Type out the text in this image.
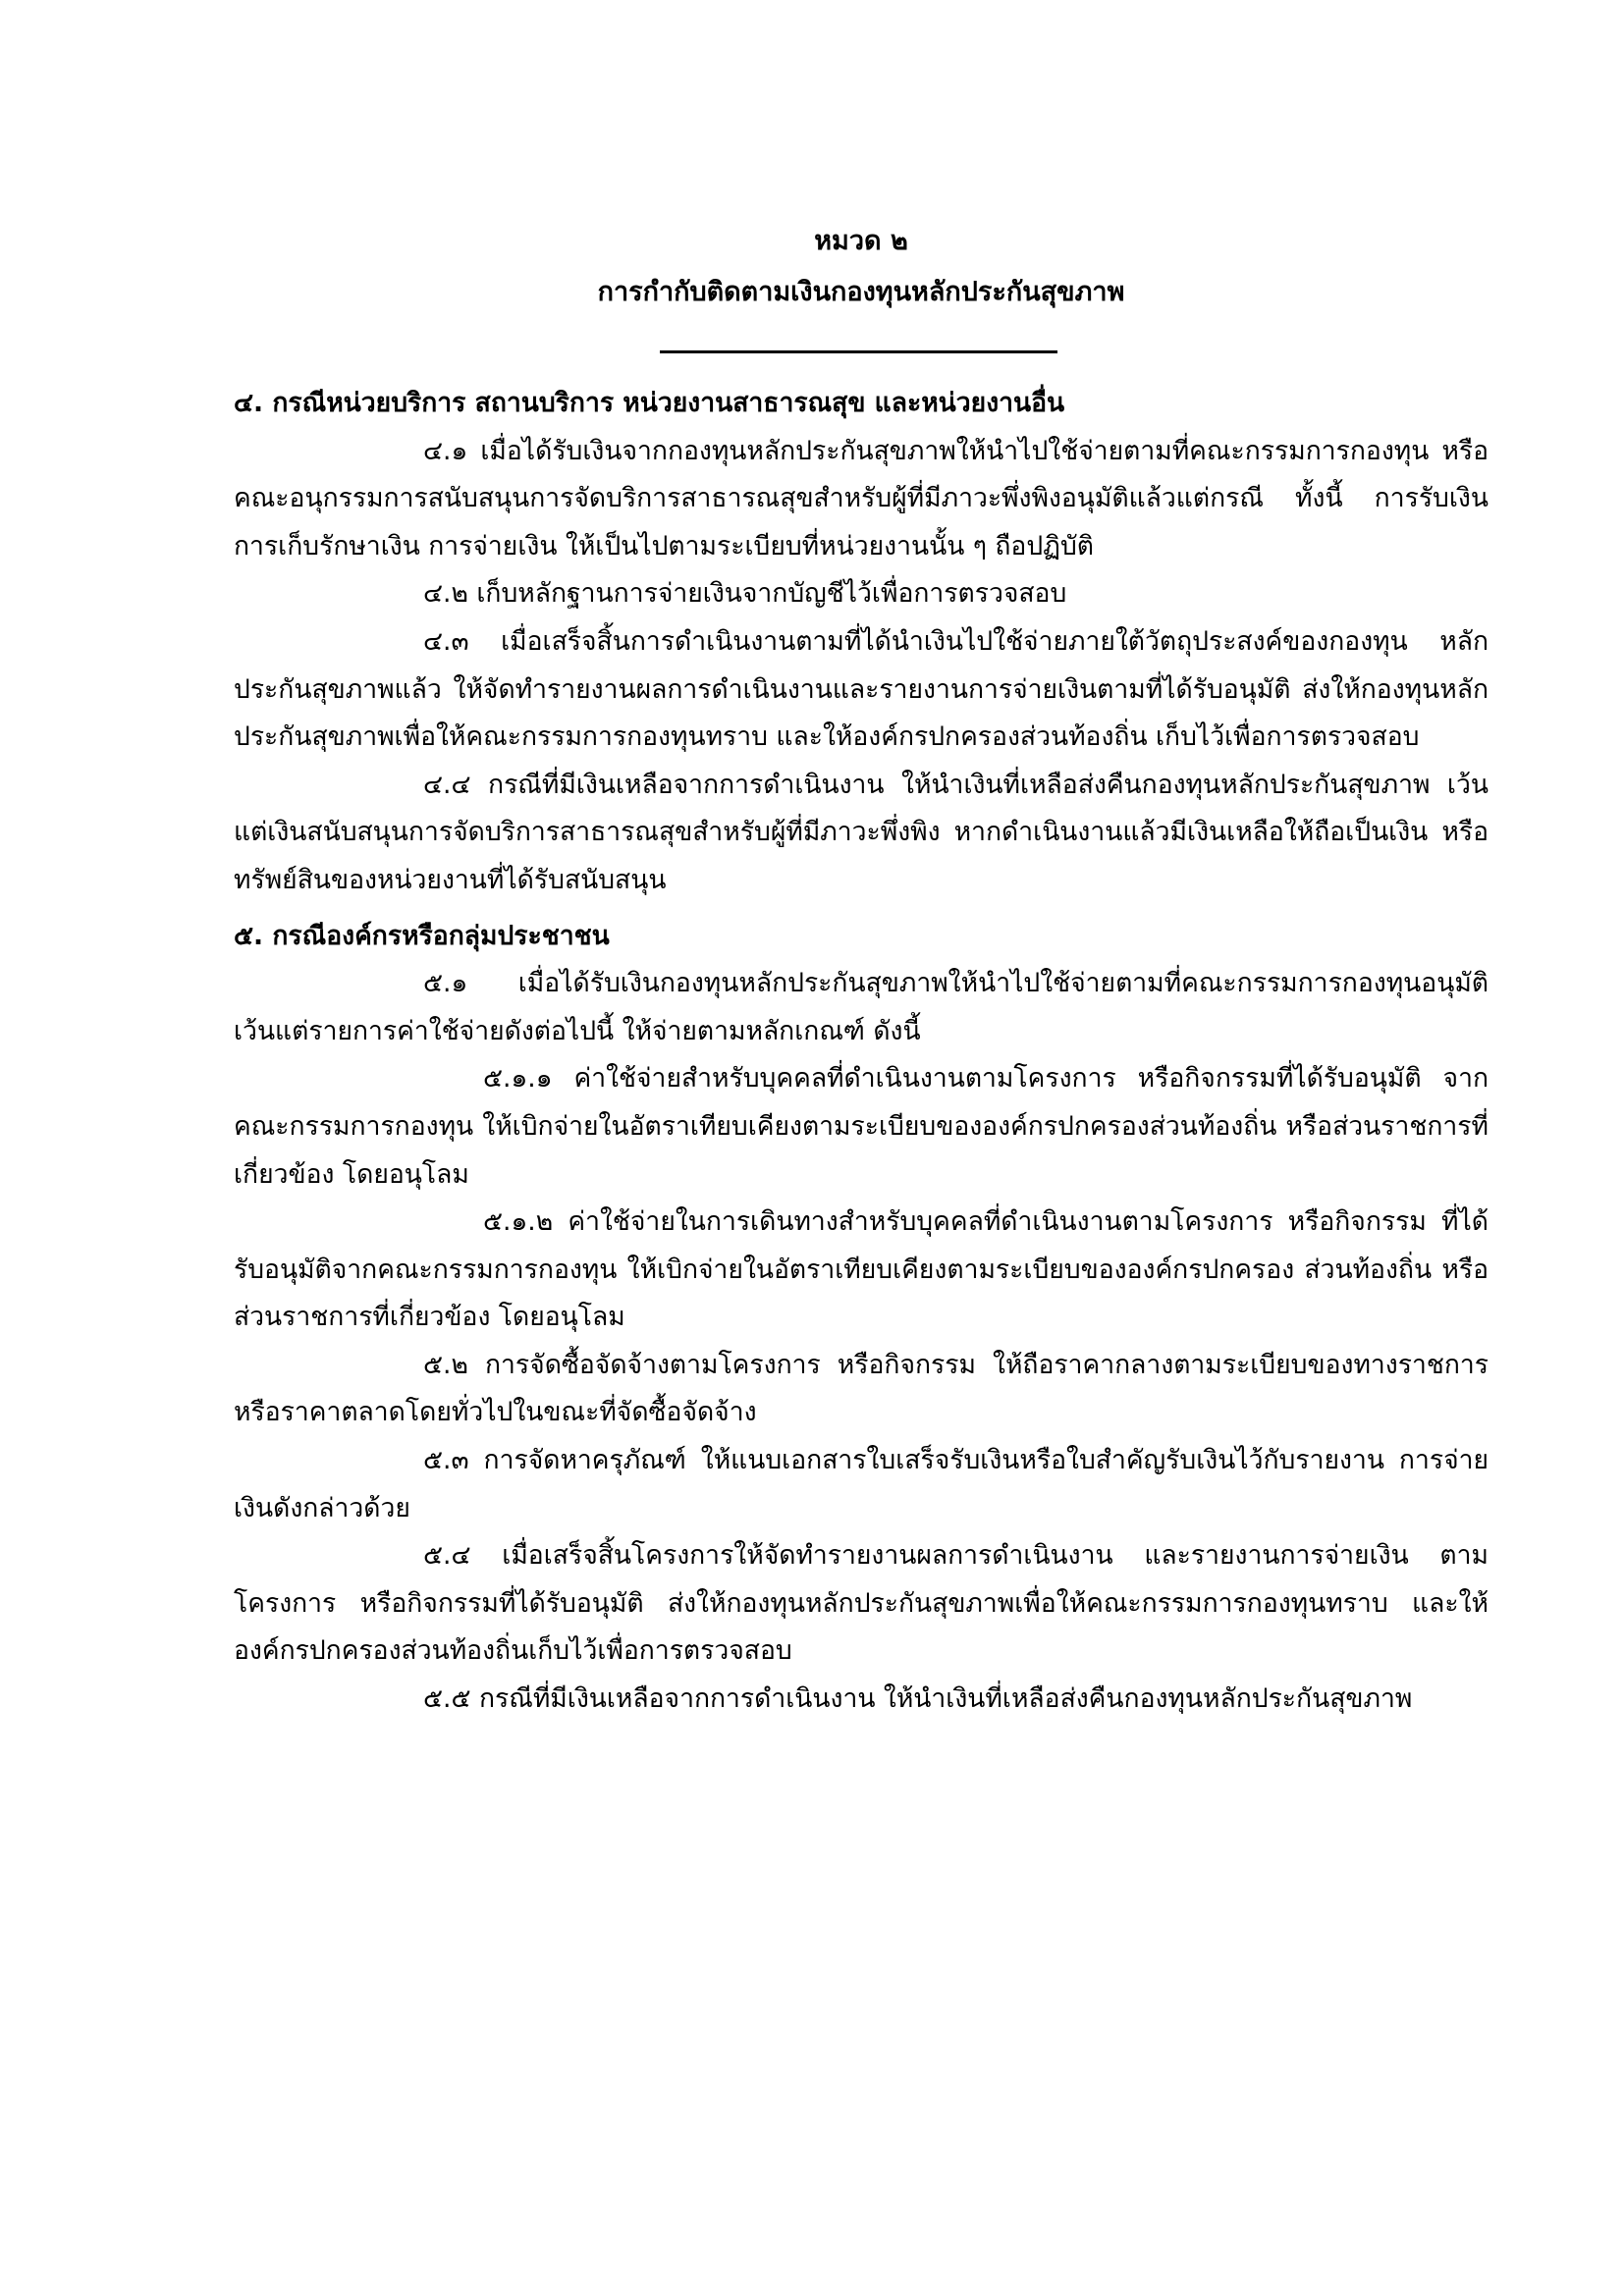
หมวด ๒
การกำกับติดตามเงินกองทุนหลักประกันสุขภาพ

๔. กรณีหน่วยบริการ สถานบริการ หน่วยงานสาธารณสุข และหน่วยงานอื่น

๔.๑ เมื่อได้รับเงินจากกองทุนหลักประกันสุขภาพให้นำไปใช้จ่ายตามที่คณะกรรมการกองทุน หรือคณะอนุกรรมการสนับสนุนการจัดบริการสาธารณสุขสำหรับผู้ที่มีภาวะพึ่งพิงอนุมัติแล้วแต่กรณี ทั้งนี้ การรับเงิน การเก็บรักษาเงิน การจ่ายเงิน ให้เป็นไปตามระเบียบที่หน่วยงานนั้น ๆ ถือปฏิบัติ

๔.๒ เก็บหลักฐานการจ่ายเงินจากบัญชีไว้เพื่อการตรวจสอบ

๔.๓ เมื่อเสร็จสิ้นการดำเนินงานตามที่ได้นำเงินไปใช้จ่ายภายใต้วัตถุประสงค์ของกองทุน หลักประกันสุขภาพแล้ว ให้จัดทำรายงานผลการดำเนินงานและรายงานการจ่ายเงินตามที่ได้รับอนุมัติ ส่งให้กองทุนหลักประกันสุขภาพเพื่อให้คณะกรรมการกองทุนทราบ และให้องค์กรปกครองส่วนท้องถิ่น เก็บไว้เพื่อการตรวจสอบ

๔.๔ กรณีที่มีเงินเหลือจากการดำเนินงาน ให้นำเงินที่เหลือส่งคืนกองทุนหลักประกันสุขภาพ เว้นแต่เงินสนับสนุนการจัดบริการสาธารณสุขสำหรับผู้ที่มีภาวะพึ่งพิง หากดำเนินงานแล้วมีเงินเหลือให้ถือเป็นเงิน หรือทรัพย์สินของหน่วยงานที่ได้รับสนับสนุน

๕. กรณีองค์กรหรือกลุ่มประชาชน

๕.๑ เมื่อได้รับเงินกองทุนหลักประกันสุขภาพให้นำไปใช้จ่ายตามที่คณะกรรมการกองทุนอนุมัติ เว้นแต่รายการค่าใช้จ่ายดังต่อไปนี้ ให้จ่ายตามหลักเกณฑ์ ดังนี้

๕.๑.๑ ค่าใช้จ่ายสำหรับบุคคลที่ดำเนินงานตามโครงการ หรือกิจกรรมที่ได้รับอนุมัติ จากคณะกรรมการกองทุน ให้เบิกจ่ายในอัตราเทียบเคียงตามระเบียบขององค์กรปกครองส่วนท้องถิ่น หรือส่วนราชการที่เกี่ยวข้อง โดยอนุโลม

๕.๑.๒ ค่าใช้จ่ายในการเดินทางสำหรับบุคคลที่ดำเนินงานตามโครงการ หรือกิจกรรม ที่ได้รับอนุมัติจากคณะกรรมการกองทุน ให้เบิกจ่ายในอัตราเทียบเคียงตามระเบียบขององค์กรปกครอง ส่วนท้องถิ่น หรือส่วนราชการที่เกี่ยวข้อง โดยอนุโลม

๕.๒ การจัดซื้อจัดจ้างตามโครงการ หรือกิจกรรม ให้ถือราคากลางตามระเบียบของทางราชการ หรือราคาตลาดโดยทั่วไปในขณะที่จัดซื้อจัดจ้าง

๕.๓ การจัดหาครุภัณฑ์ ให้แนบเอกสารใบเสร็จรับเงินหรือใบสำคัญรับเงินไว้กับรายงาน การจ่ายเงินดังกล่าวด้วย

๕.๔ เมื่อเสร็จสิ้นโครงการให้จัดทำรายงานผลการดำเนินงาน และรายงานการจ่ายเงิน ตามโครงการ หรือกิจกรรมที่ได้รับอนุมัติ ส่งให้กองทุนหลักประกันสุขภาพเพื่อให้คณะกรรมการกองทุนทราบ และให้องค์กรปกครองส่วนท้องถิ่นเก็บไว้เพื่อการตรวจสอบ

๕.๕ กรณีที่มีเงินเหลือจากการดำเนินงาน ให้นำเงินที่เหลือส่งคืนกองทุนหลักประกันสุขภาพ
